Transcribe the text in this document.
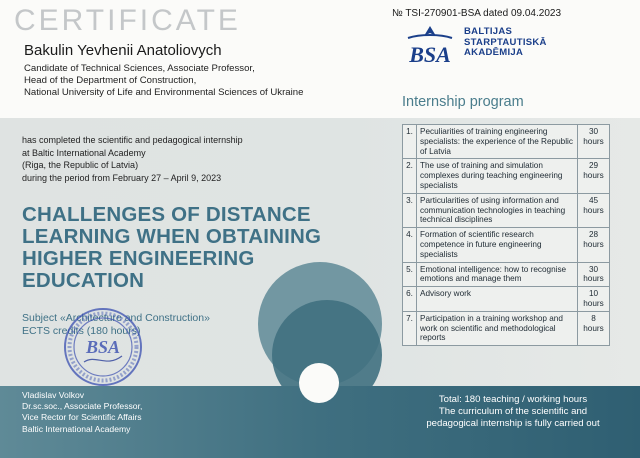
CERTIFICATE
Bakulin Yevhenii Anatoliovych
Candidate of Technical Sciences, Associate Professor,
Head of the Department of Construction,
National University of Life and Environmental Sciences of Ukraine
№ TSI-270901-BSA dated 09.04.2023
BSA
BALTIJAS
STARPTAUTISKĀ
AKADĒMIJA
Internship program
has completed the scientific and pedagogical internship
at Baltic International Academy
(Riga, the Republic of Latvia)
during the period from February 27 – April 9, 2023
CHALLENGES OF DISTANCE
LEARNING WHEN OBTAINING
HIGHER ENGINEERING
EDUCATION
Subject «Architecture and Construction»
ECTS credits (180 hours)
BSA
1.	Peculiarities of training engineering specialists: the experience of the Republic of Latvia	30
hours

2.	The use of training and simulation complexes during teaching engineering specialists	29
hours

3.	Particularities of using information and communication technologies in teaching technical disciplines	45
hours

4.	Formation of scientific research competence in future engineering specialists	28
hours

5.	Emotional intelligence: how to recognise emotions and manage them	30
hours

6.	Advisory work	10
hours

7.	Participation in a training workshop and work on scientific and methodological reports	8
hours
Vladislav Volkov
Dr.sc.soc., Associate Professor,
Vice Rector for Scientific Affairs
Baltic International Academy
Total: 180 teaching / working hours
The curriculum of the scientific and
pedagogical internship is fully carried out
